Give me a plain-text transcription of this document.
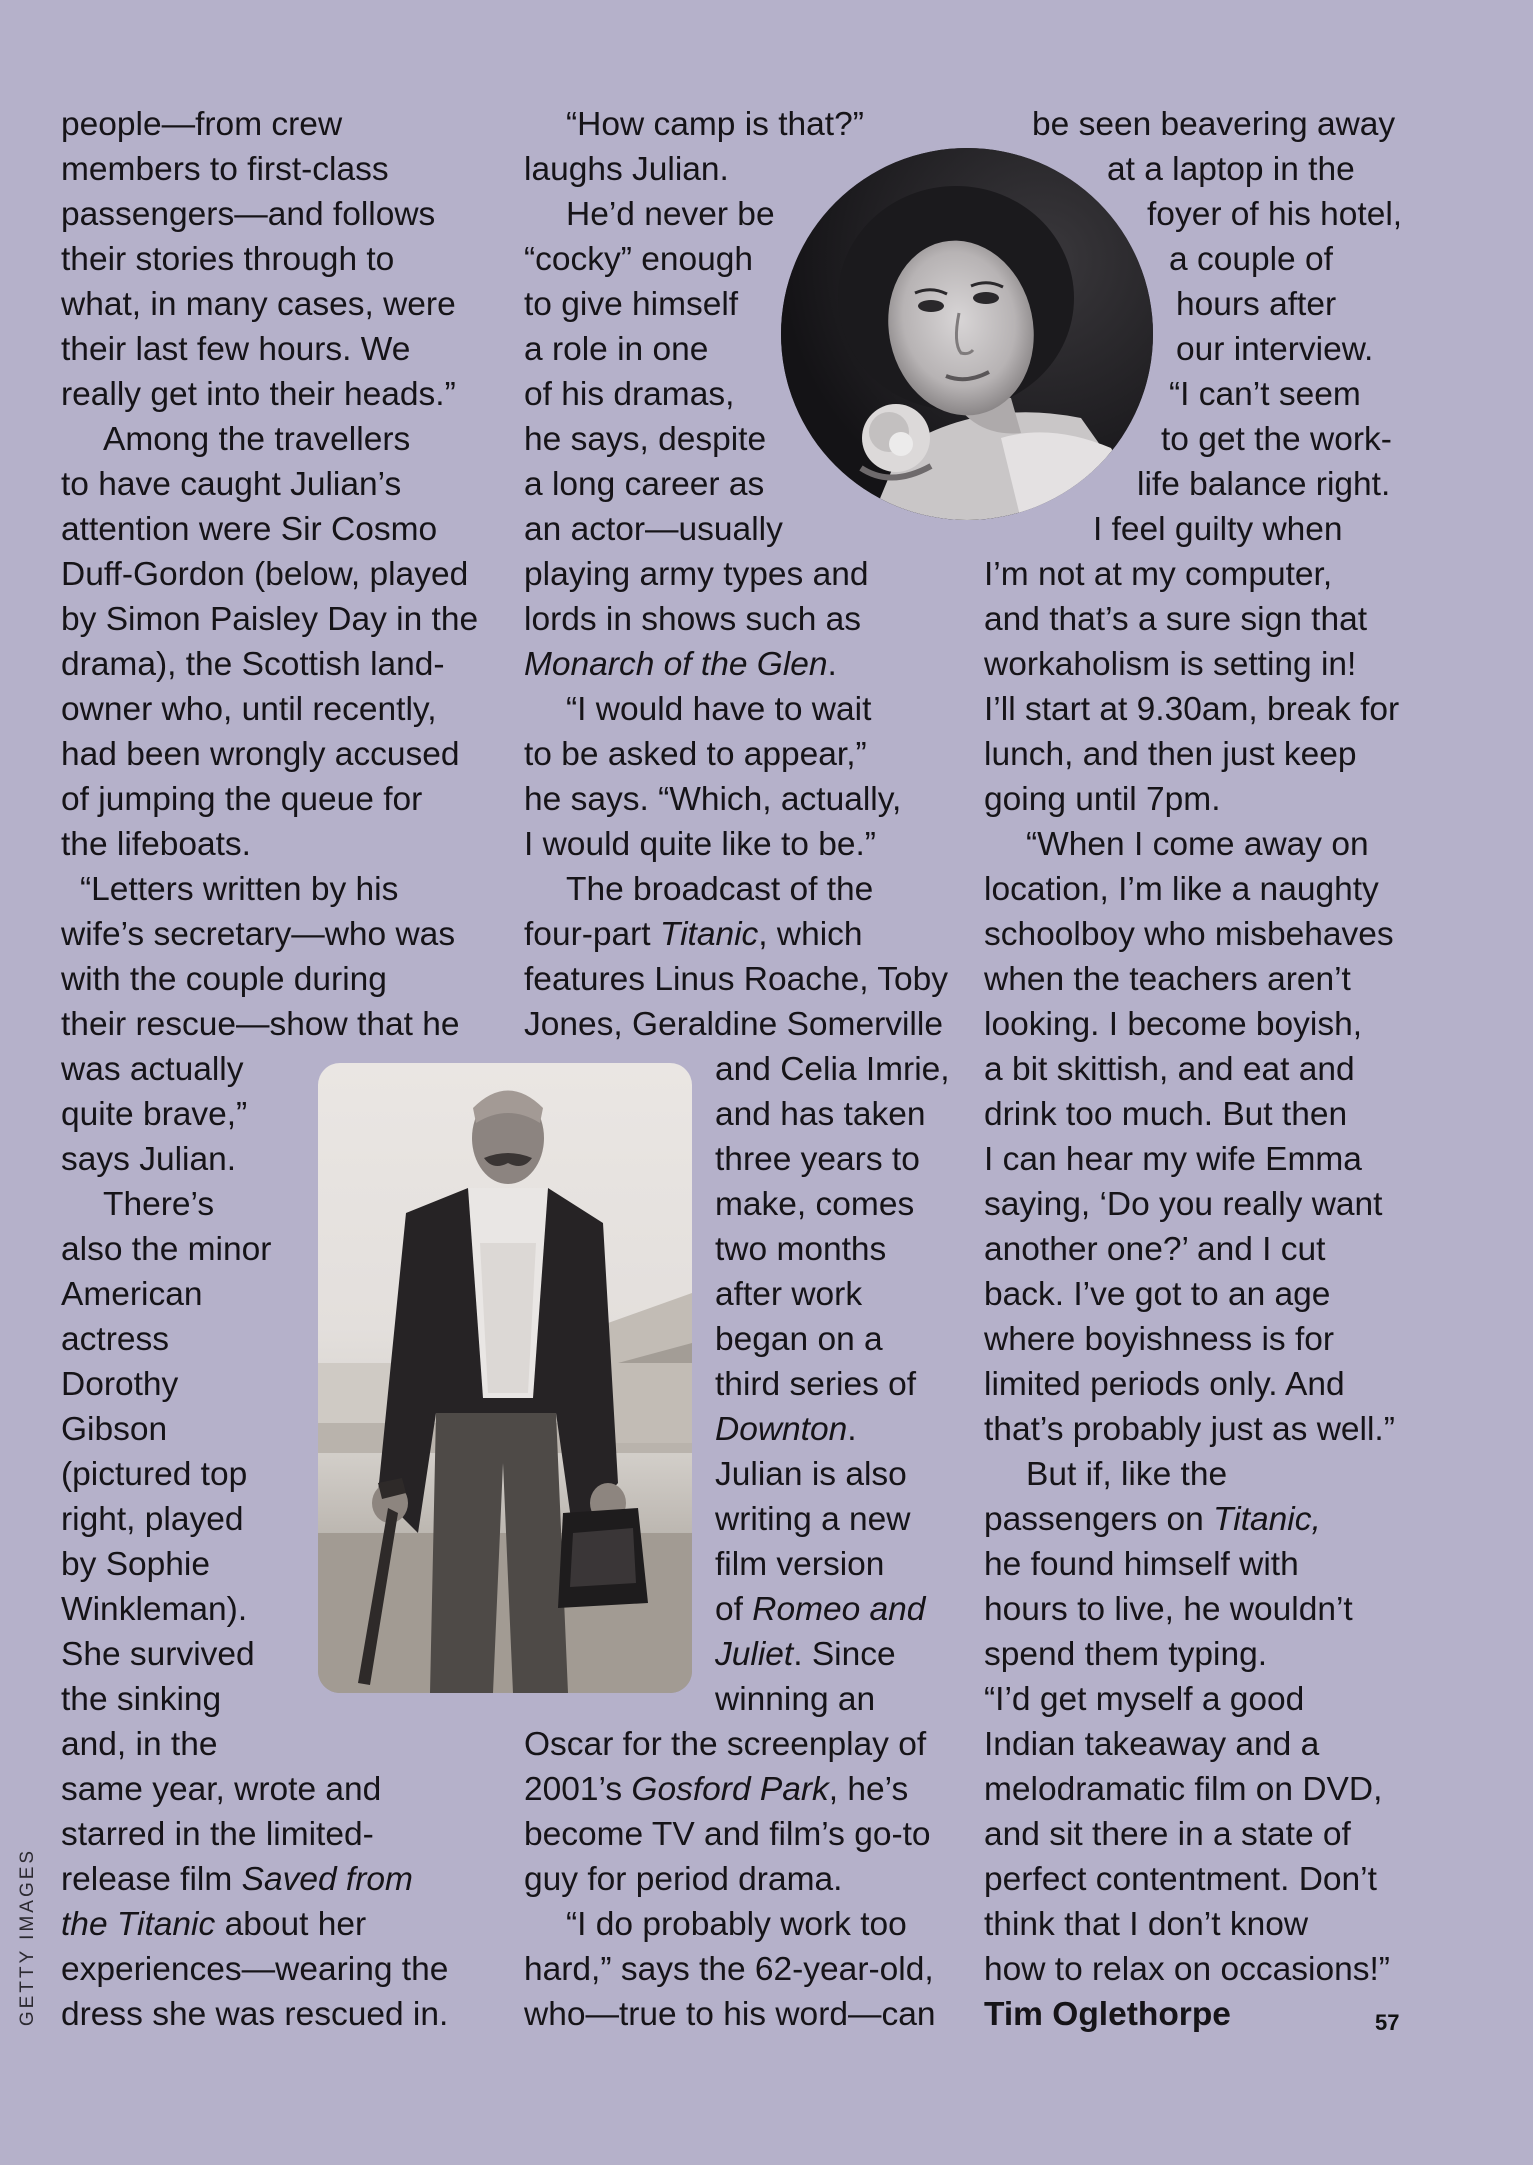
people—from crew
members to first-class
passengers—and follows
their stories through to
what, in many cases, were
their last few hours. We
really get into their heads.”
Among the travellers
to have caught Julian’s
attention were Sir Cosmo
Duff-Gordon (below, played
by Simon Paisley Day in the
drama), the Scottish land-
owner who, until recently,
had been wrongly accused
of jumping the queue for
the lifeboats.
“Letters written by his
wife’s secretary—who was
with the couple during
their rescue—show that he
was actually
quite brave,”
says Julian.
There’s
also the minor
American
actress
Dorothy
Gibson
(pictured top
right, played
by Sophie
Winkleman).
She survived
the sinking
and, in the
same year, wrote and
starred in the limited-
release film Saved from
the Titanic about her
experiences—wearing the
dress she was rescued in.
“How camp is that?”
laughs Julian.
He’d never be
“cocky” enough
to give himself
a role in one
of his dramas,
he says, despite
a long career as
an actor—usually
playing army types and
lords in shows such as
Monarch of the Glen.
“I would have to wait
to be asked to appear,”
he says. “Which, actually,
I would quite like to be.”
The broadcast of the
four-part Titanic, which
features Linus Roache, Toby
Jones, Geraldine Somerville
and Celia Imrie,
and has taken
three years to
make, comes
two months
after work
began on a
third series of
Downton.
Julian is also
writing a new
film version
of Romeo and
Juliet. Since
winning an
Oscar for the screenplay of
2001’s Gosford Park, he’s
become TV and film’s go-to
guy for period drama.
“I do probably work too
hard,” says the 62-year-old,
who—true to his word—can
be seen beavering away
at a laptop in the
foyer of his hotel,
a couple of
hours after
our interview.
“I can’t seem
to get the work-
life balance right.
I feel guilty when
I’m not at my computer,
and that’s a sure sign that
workaholism is setting in!
I’ll start at 9.30am, break for
lunch, and then just keep
going until 7pm.
“When I come away on
location, I’m like a naughty
schoolboy who misbehaves
when the teachers aren’t
looking. I become boyish,
a bit skittish, and eat and
drink too much. But then
I can hear my wife Emma
saying, ‘Do you really want
another one?’ and I cut
back. I’ve got to an age
where boyishness is for
limited periods only. And
that’s probably just as well.”
But if, like the
passengers on Titanic,
he found himself with
hours to live, he wouldn’t
spend them typing.
“I’d get myself a good
Indian takeaway and a
melodramatic film on DVD,
and sit there in a state of
perfect contentment. Don’t
think that I don’t know
how to relax on occasions!”
Tim Oglethorpe
GETTY IMAGES	57
